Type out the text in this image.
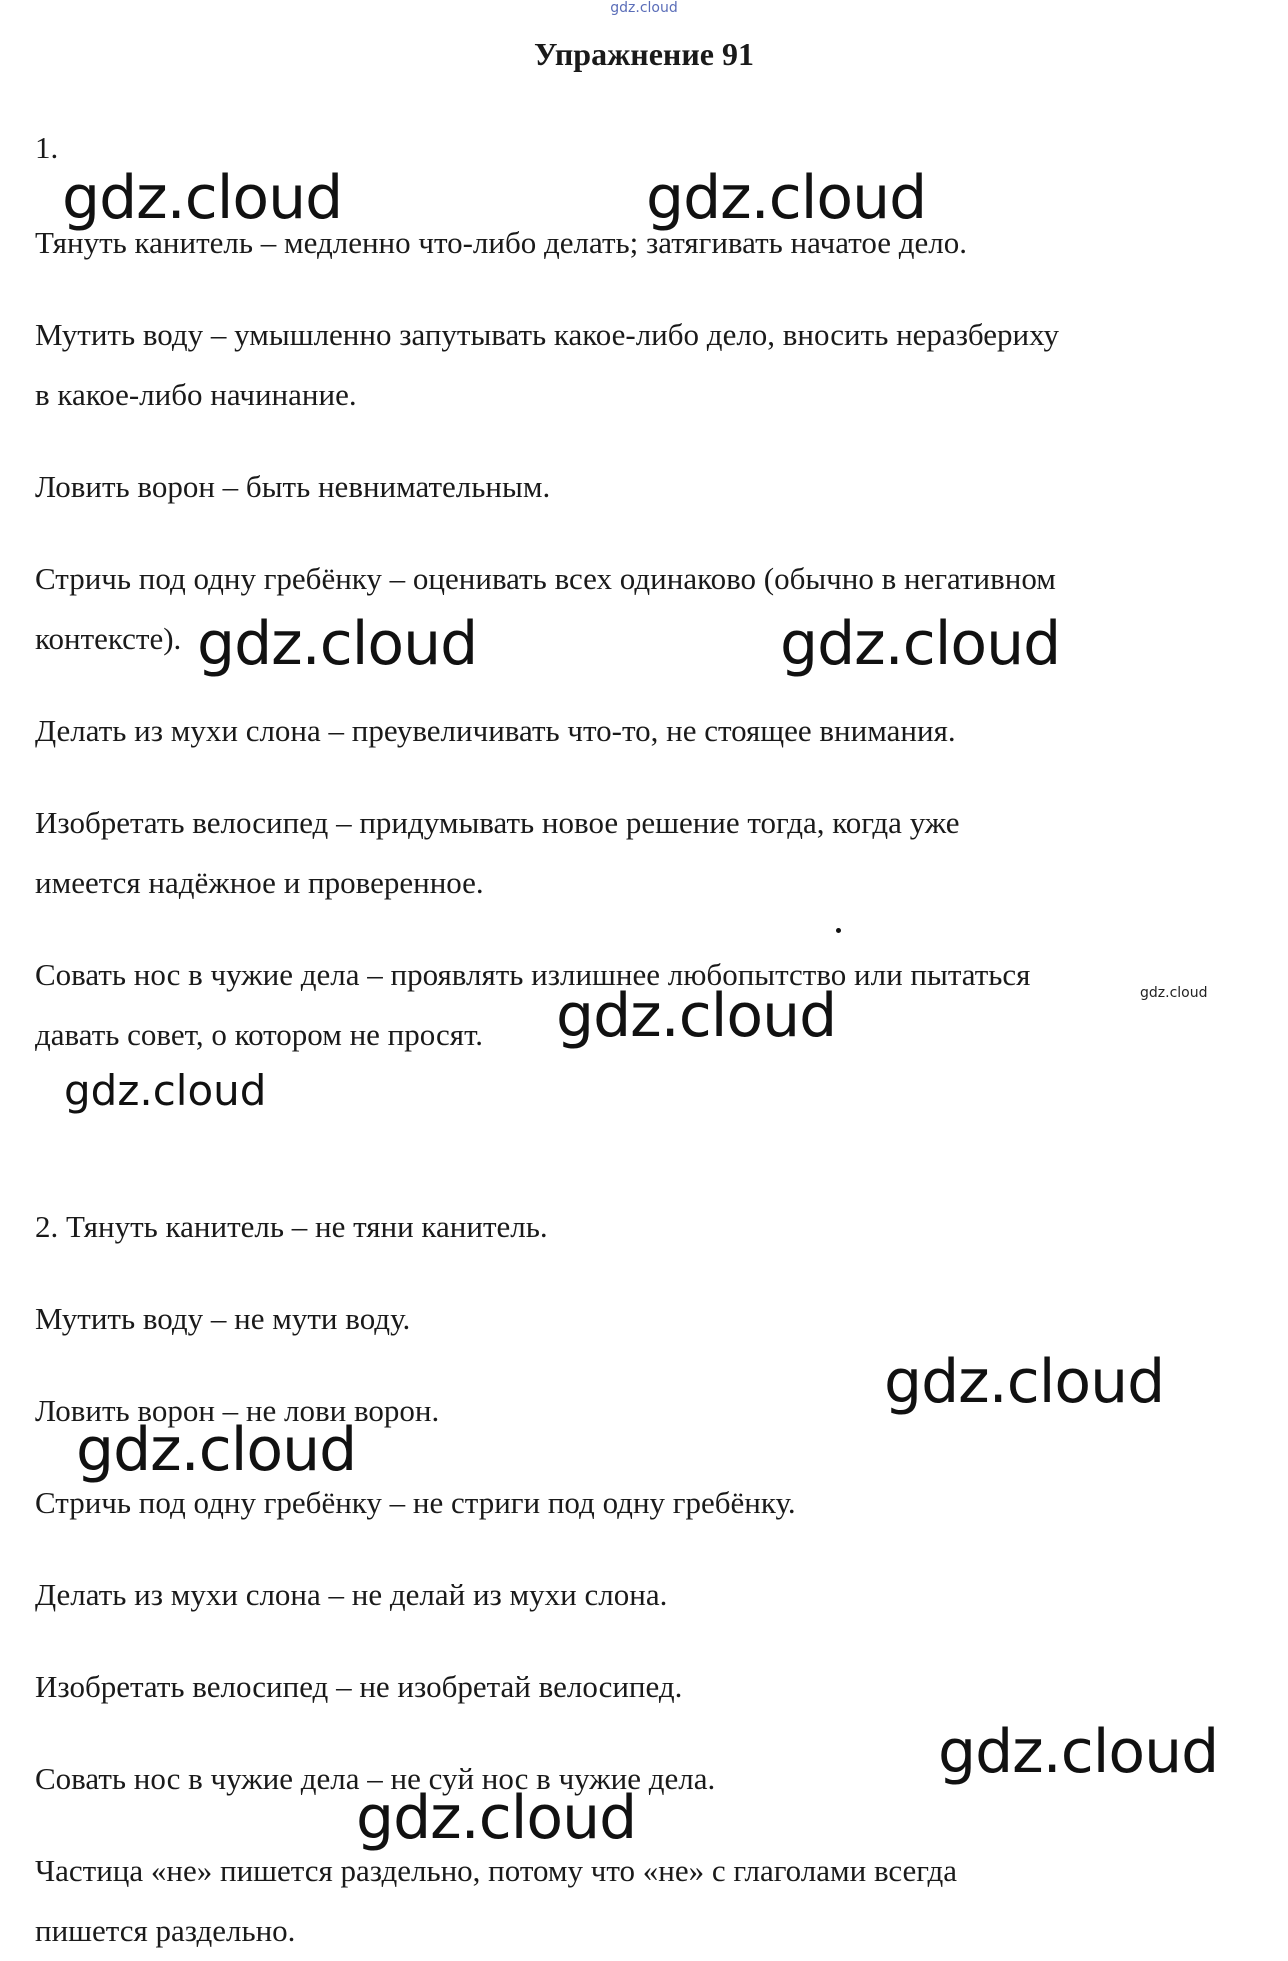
gdz.cloud
Упражнение 91

1.

Тянуть канитель – медленно что-либо делать; затягивать начатое дело.

Мутить воду – умышленно запутывать какое-либо дело, вносить неразбериху

в какое-либо начинание.

Ловить ворон – быть невнимательным.

Стричь под одну гребёнку – оценивать всех одинаково (обычно в негативном

контексте).

Делать из мухи слона – преувеличивать что-то, не стоящее внимания.

Изобретать велосипед – придумывать новое решение тогда, когда уже

имеется надёжное и проверенное.

Совать нос в чужие дела – проявлять излишнее любопытство или пытаться

давать совет, о котором не просят.

2. Тянуть канитель – не тяни канитель.

Мутить воду – не мути воду.

Ловить ворон – не лови ворон.

Стричь под одну гребёнку – не стриги под одну гребёнку.

Делать из мухи слона – не делай из мухи слона.

Изобретать велосипед – не изобретай велосипед.

Совать нос в чужие дела – не суй нос в чужие дела.

Частица «не» пишется раздельно, потому что «не» с глаголами всегда

пишется раздельно.

gdz.cloud	gdz.cloud
gdz.cloud	gdz.cloud
gdz.cloud	gdz.cloud
gdz.cloud
gdz.cloud
gdz.cloud
gdz.cloud
gdz.cloud
